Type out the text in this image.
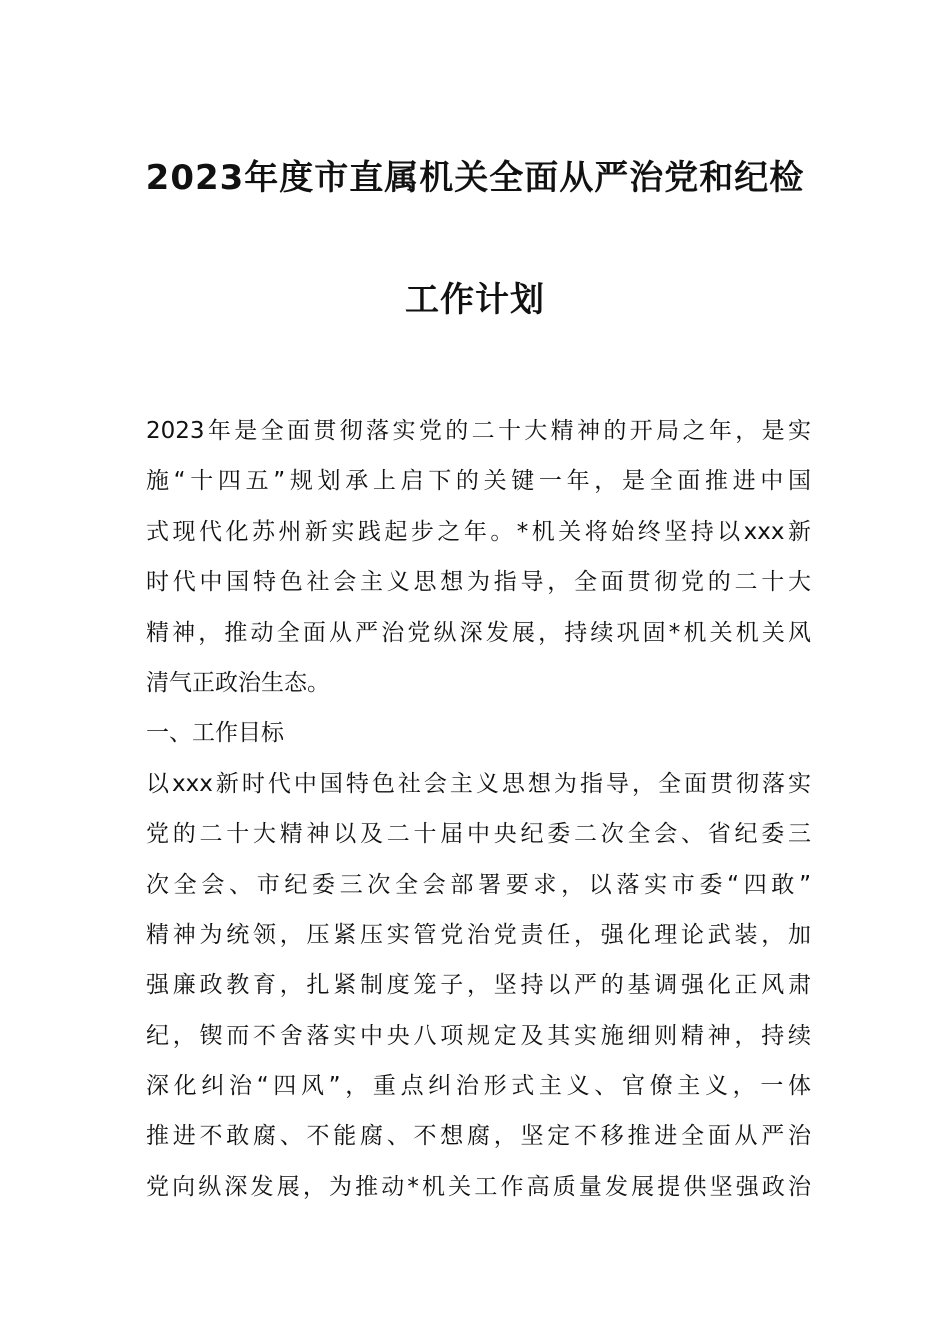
2023年度市直属机关全面从严治党和纪检
工作计划
2023年是全面贯彻落实党的二十大精神的开局之年，是实
施“十四五”规划承上启下的关键一年，是全面推进中国
式现代化苏州新实践起步之年。*机关将始终坚持以xxx新
时代中国特色社会主义思想为指导，全面贯彻党的二十大
精神，推动全面从严治党纵深发展，持续巩固*机关机关风
清气正政治生态。
一、工作目标
以xxx新时代中国特色社会主义思想为指导，全面贯彻落实
党的二十大精神以及二十届中央纪委二次全会、省纪委三
次全会、市纪委三次全会部署要求，以落实市委“四敢”
精神为统领，压紧压实管党治党责任，强化理论武装，加
强廉政教育，扎紧制度笼子，坚持以严的基调强化正风肃
纪，锲而不舍落实中央八项规定及其实施细则精神，持续
深化纠治“四风”，重点纠治形式主义、官僚主义，一体
推进不敢腐、不能腐、不想腐，坚定不移推进全面从严治
党向纵深发展，为推动*机关工作高质量发展提供坚强政治
